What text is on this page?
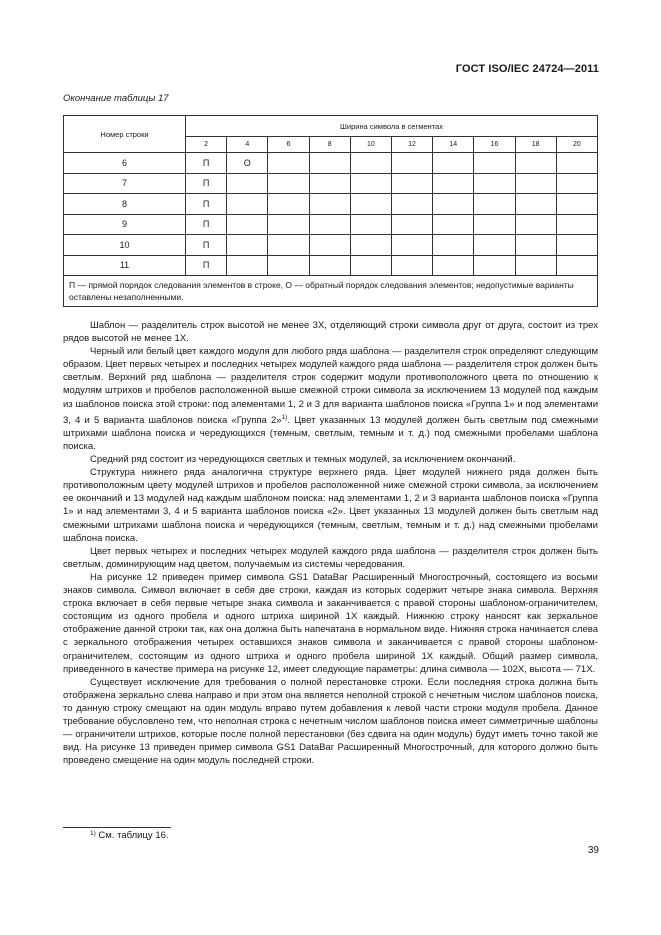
ГОСТ ISO/IEC 24724—2011
Окончание таблицы 17
Номер строки	Ширина символа в сегментах									
	2	4	6	8	10	12	14	16	18	20
6	П	О								
7	П									
8	П									
9	П									
10	П									
11	П									
П — прямой порядок следования элементов в строке, О — обратный порядок следования элементов; недопустимые варианты оставлены незаполненными.										

Шаблон — разделитель строк высотой не менее 3Х, отделяющий строки символа друг от друга, состоит из трех рядов высотой не менее 1Х.

Черный или белый цвет каждого модуля для любого ряда шаблона — разделителя строк определяют следующим образом. Цвет первых четырех и последних четырех модулей каждого ряда шаблона — разделителя строк должен быть светлым. Верхний ряд шаблона — разделителя строк содержит модули противоположного цвета по отношению к модулям штрихов и пробелов расположенной выше смежной строки символа за исключением 13 модулей под каждым из шаблонов поиска этой строки: под элементами 1, 2 и 3 для варианта шаблонов поиска «Группа 1» и под элементами 3, 4 и 5 варианта шаблонов поиска «Группа 2»$^{1)}$. Цвет указанных 13 модулей должен быть светлым под смежными штрихами шаблона поиска и чередующихся (темным, светлым, темным и т. д.) под смежными пробелами шаблона поиска.

Средний ряд состоит из чередующихся светлых и темных модулей, за исключением окончаний.

Структура нижнего ряда аналогична структуре верхнего ряда. Цвет модулей нижнего ряда должен быть противоположным цвету модулей штрихов и пробелов расположенной ниже смежной строки символа, за исключением ее окончаний и 13 модулей над каждым шаблоном поиска: над элементами 1, 2 и 3 варианта шаблонов поиска «Группа 1» и над элементами 3, 4 и 5 варианта шаблонов поиска «2». Цвет указанных 13 модулей должен быть светлым над смежными штрихами шаблона поиска и чередующихся (темным, светлым, темным и т. д.) над смежными пробелами шаблона поиска.

Цвет первых четырех и последних четырех модулей каждого ряда шаблона — разделителя строк должен быть светлым, доминирующим над цветом, получаемым из системы чередования.

На рисунке 12 приведен пример символа GS1 DataBar Расширенный Многострочный, состоящего из восьми знаков символа. Символ включает в себя две строки, каждая из которых содержит четыре знака символа. Верхняя строка включает в себя первые четыре знака символа и заканчивается с правой стороны шаблоном-ограничителем, состоящим из одного пробела и одного штриха шириной 1Х каждый. Нижнюю строку наносят как зеркальное отображение данной строки так, как она должна быть напечатана в нормальном виде. Нижняя строка начинается слева с зеркального отображения четырех оставшихся знаков символа и заканчивается с правой стороны шаблоном-ограничителем, состоящим из одного штриха и одного пробела шириной 1Х каждый. Общий размер символа, приведенного в качестве примера на рисунке 12, имеет следующие параметры: длина символа — 102Х, высота — 71Х.

Существует исключение для требования о полной перестановке строки. Если последняя строка должна быть отображена зеркально слева направо и при этом она является неполной строкой с нечетным числом шаблонов поиска, то данную строку смещают на один модуль вправо путем добавления к левой части строки модуля пробела. Данное требование обусловлено тем, что неполная строка с нечетным числом шаблонов поиска имеет симметричные шаблоны — ограничители штрихов, которые после полной перестановки (без сдвига на один модуль) будут иметь точно такой же вид. На рисунке 13 приведен пример символа GS1 DataBar Расширенный Многострочный, для которого должно быть проведено смещение на один модуль последней строки.

$^{1)}$ См. таблицу 16.
39
